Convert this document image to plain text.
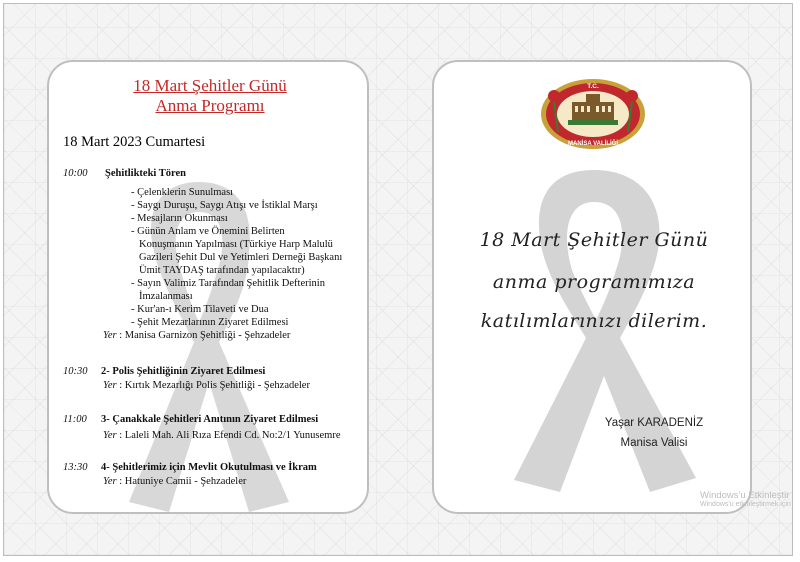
18 Mart Şehitler Günü
Anma Programı
18 Mart 2023 Cumartesi
10:00 Şehitlikteki Tören
- Çelenklerin Sunulması
- Saygı Duruşu, Saygı Atışı ve İstiklal Marşı
- Mesajların Okunması
- Günün Anlam ve Önemini Belirten
Konuşmanın Yapılması (Türkiye Harp Malulü
Gazileri Şehit Dul ve Yetimleri Derneği Başkanı
Ümit TAYDAŞ tarafından yapılacaktır)
- Sayın Valimiz Tarafından Şehitlik Defterinin
İmzalanması
- Kur'an-ı Kerim Tilaveti ve Dua
- Şehit Mezarlarının Ziyaret Edilmesi
Yer : Manisa Garnizon Şehitliği - Şehzadeler
10:30 2- Polis Şehitliğinin Ziyaret Edilmesi
Yer : Kırtık Mezarlığı Polis Şehitliği - Şehzadeler
11:00 3- Çanakkale Şehitleri Anıtının Ziyaret Edilmesi
Yer : Laleli Mah. Ali Rıza Efendi Cd. No:2/1 Yunusemre
13:30 4- Şehitlerimiz için Mevlit Okutulması ve İkram
Yer : Hatuniye Camii - Şehzadeler
T.C.
MANİSA VALİLİĞİ
18 Mart Şehitler Günü
anma programımıza
katılımlarınızı dilerim.
Yaşar KARADENİZ
Manisa Valisi
Windows'u Etkinleştir
Windows'u etkinleştirmek için
